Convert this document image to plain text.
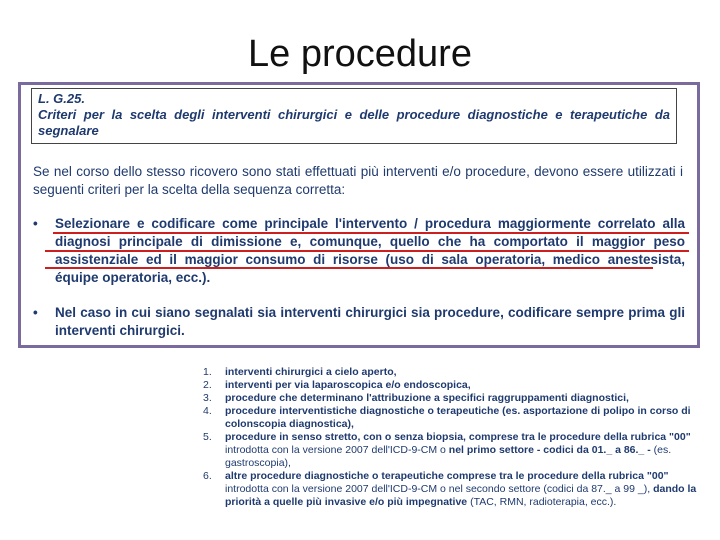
Le procedure
L. G.25.
Criteri per la scelta degli interventi chirurgici e delle procedure diagnostiche e terapeutiche da segnalare
Se nel corso dello stesso ricovero sono stati effettuati più interventi e/o procedure, devono essere utilizzati i seguenti criteri per la scelta della sequenza corretta:
• Selezionare e codificare come principale l'intervento / procedura maggiormente correlato alla diagnosi principale di dimissione e, comunque, quello che ha comportato il maggior peso assistenziale ed il maggior consumo di risorse (uso di sala operatoria, medico anestesista, équipe operatoria, ecc.).
• Nel caso in cui siano segnalati sia interventi chirurgici sia procedure, codificare sempre prima gli interventi chirurgici.
1. interventi chirurgici a cielo aperto,
2. interventi per via laparoscopica e/o endoscopica,
3. procedure che determinano l'attribuzione a specifici raggruppamenti diagnostici,
4. procedure interventistiche diagnostiche o terapeutiche (es. asportazione di polipo in corso di colonscopia diagnostica),
5. procedure in senso stretto, con o senza biopsia, comprese tra le procedure della rubrica "00" introdotta con la versione 2007 dell'ICD-9-CM o nel primo settore - codici da 01._ a 86._ - (es. gastroscopia),
6. altre procedure diagnostiche o terapeutiche comprese tra le procedure della rubrica "00" introdotta con la versione 2007 dell'ICD-9-CM o nel secondo settore (codici da 87._ a 99 _), dando la priorità a quelle più invasive e/o più impegnative (TAC, RMN, radioterapia, ecc.).
